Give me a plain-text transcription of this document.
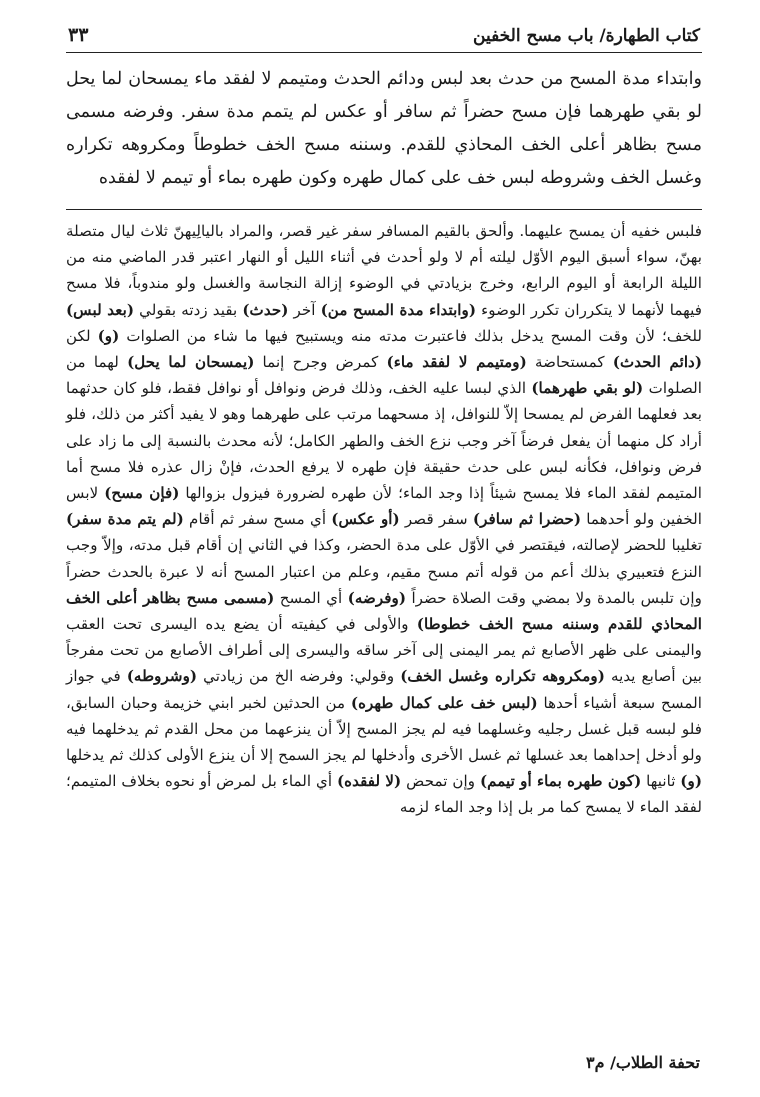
كتاب الطهارة/ باب مسح الخفين
٣٣

وابتداء مدة المسح من حدث بعد لبس ودائم الحدث ومتيمم لا لفقد ماء يمسحان لما يحل لو بقي طهرهما فإن مسح حضراً ثم سافر أو عكس لم يتمم مدة سفر. وفرضه مسمى مسح بظاهر أعلى الخف المحاذي للقدم. وسننه مسح الخف خطوطاً ومكروهه تكراره وغسل الخف وشروطه لبس خف على كمال طهره وكون طهره بماء أو تيمم لا لفقده

فلبس خفيه أن يمسح عليهما. وألحق بالقيم المسافر سفر غير قصر، والمراد باليالِيهنّ ثلاث ليال متصلة بهنّ، سواء أسبق اليوم الأوّل ليلته أم لا ولو أحدث في أثناء الليل أو النهار اعتبر قدر الماضي منه من الليلة الرابعة أو اليوم الرابع، وخرج بزيادتي في الوضوء إزالة النجاسة والغسل ولو مندوباً، فلا مسح فيهما لأنهما لا يتكرران تكرر الوضوء (وابتداء مدة المسح من) آخر (حدث) بقيد زدته بقولي (بعد لبس) للخف؛ لأن وقت المسح يدخل بذلك فاعتبرت مدته منه ويستبيح فيها ما شاء من الصلوات (و) لكن (دائم الحدث) كمستحاضة (ومتيمم لا لفقد ماء) كمرض وجرح إنما (يمسحان لما يحل) لهما من الصلوات (لو بقي طهرهما) الذي لبسا عليه الخف، وذلك فرض ونوافل أو نوافل فقط، فلو كان حدثهما بعد فعلهما الفرض لم يمسحا إلاّ للنوافل، إذ مسحهما مرتب على طهرهما وهو لا يفيد أكثر من ذلك، فلو أراد كل منهما أن يفعل فرضاً آخر وجب نزع الخف والطهر الكامل؛ لأنه محدث بالنسبة إلى ما زاد على فرض ونوافل، فكأنه لبس على حدث حقيقة فإن طهره لا يرفع الحدث، فإنْ زال عذره فلا مسح أما المتيمم لفقد الماء فلا يمسح شيئاً إذا وجد الماء؛ لأن طهره لضرورة فيزول بزوالها (فإن مسح) لابس الخفين ولو أحدهما (حضرا ثم سافر) سفر قصر (أو عكس) أي مسح سفر ثم أقام (لم يتم مدة سفر) تغليبا للحضر لإصالته، فيقتصر في الأوّل على مدة الحضر، وكذا في الثاني إن أقام قبل مدته، وإلاّ وجب النزع فتعبيري بذلك أعم من قوله أتم مسح مقيم، وعلم من اعتبار المسح أنه لا عبرة بالحدث حضراً وإن تلبس بالمدة ولا بمضي وقت الصلاة حضراً (وفرضه) أي المسح (مسمى مسح بظاهر أعلى الخف المحاذي للقدم وسننه مسح الخف خطوطا) والأولى في كيفيته أن يضع يده اليسرى تحت العقب واليمنى على ظهر الأصابع ثم يمر اليمنى إلى آخر ساقه واليسرى إلى أطراف الأصابع من تحت مفرجاً بين أصابع يديه (ومكروهه تكراره وغسل الخف) وقولي: وفرضه الخ من زيادتي (وشروطه) في جواز المسح سبعة أشياء أحدها (لبس خف على كمال طهره) من الحدثين لخبر ابني خزيمة وحبان السابق، فلو لبسه قبل غسل رجليه وغسلهما فيه لم يجز المسح إلاّ أن ينزعهما من محل القدم ثم يدخلهما فيه ولو أدخل إحداهما بعد غسلها ثم غسل الأخرى وأدخلها لم يجز السمح إلا أن ينزع الأولى كذلك ثم يدخلها (و) ثانيها (كون طهره بماء أو تيمم) وإن تمحض (لا لفقده) أي الماء بل لمرض أو نحوه بخلاف المتيمم؛ لفقد الماء لا يمسح كما مر بل إذا وجد الماء لزمه

تحفة الطلاب/ م٣
